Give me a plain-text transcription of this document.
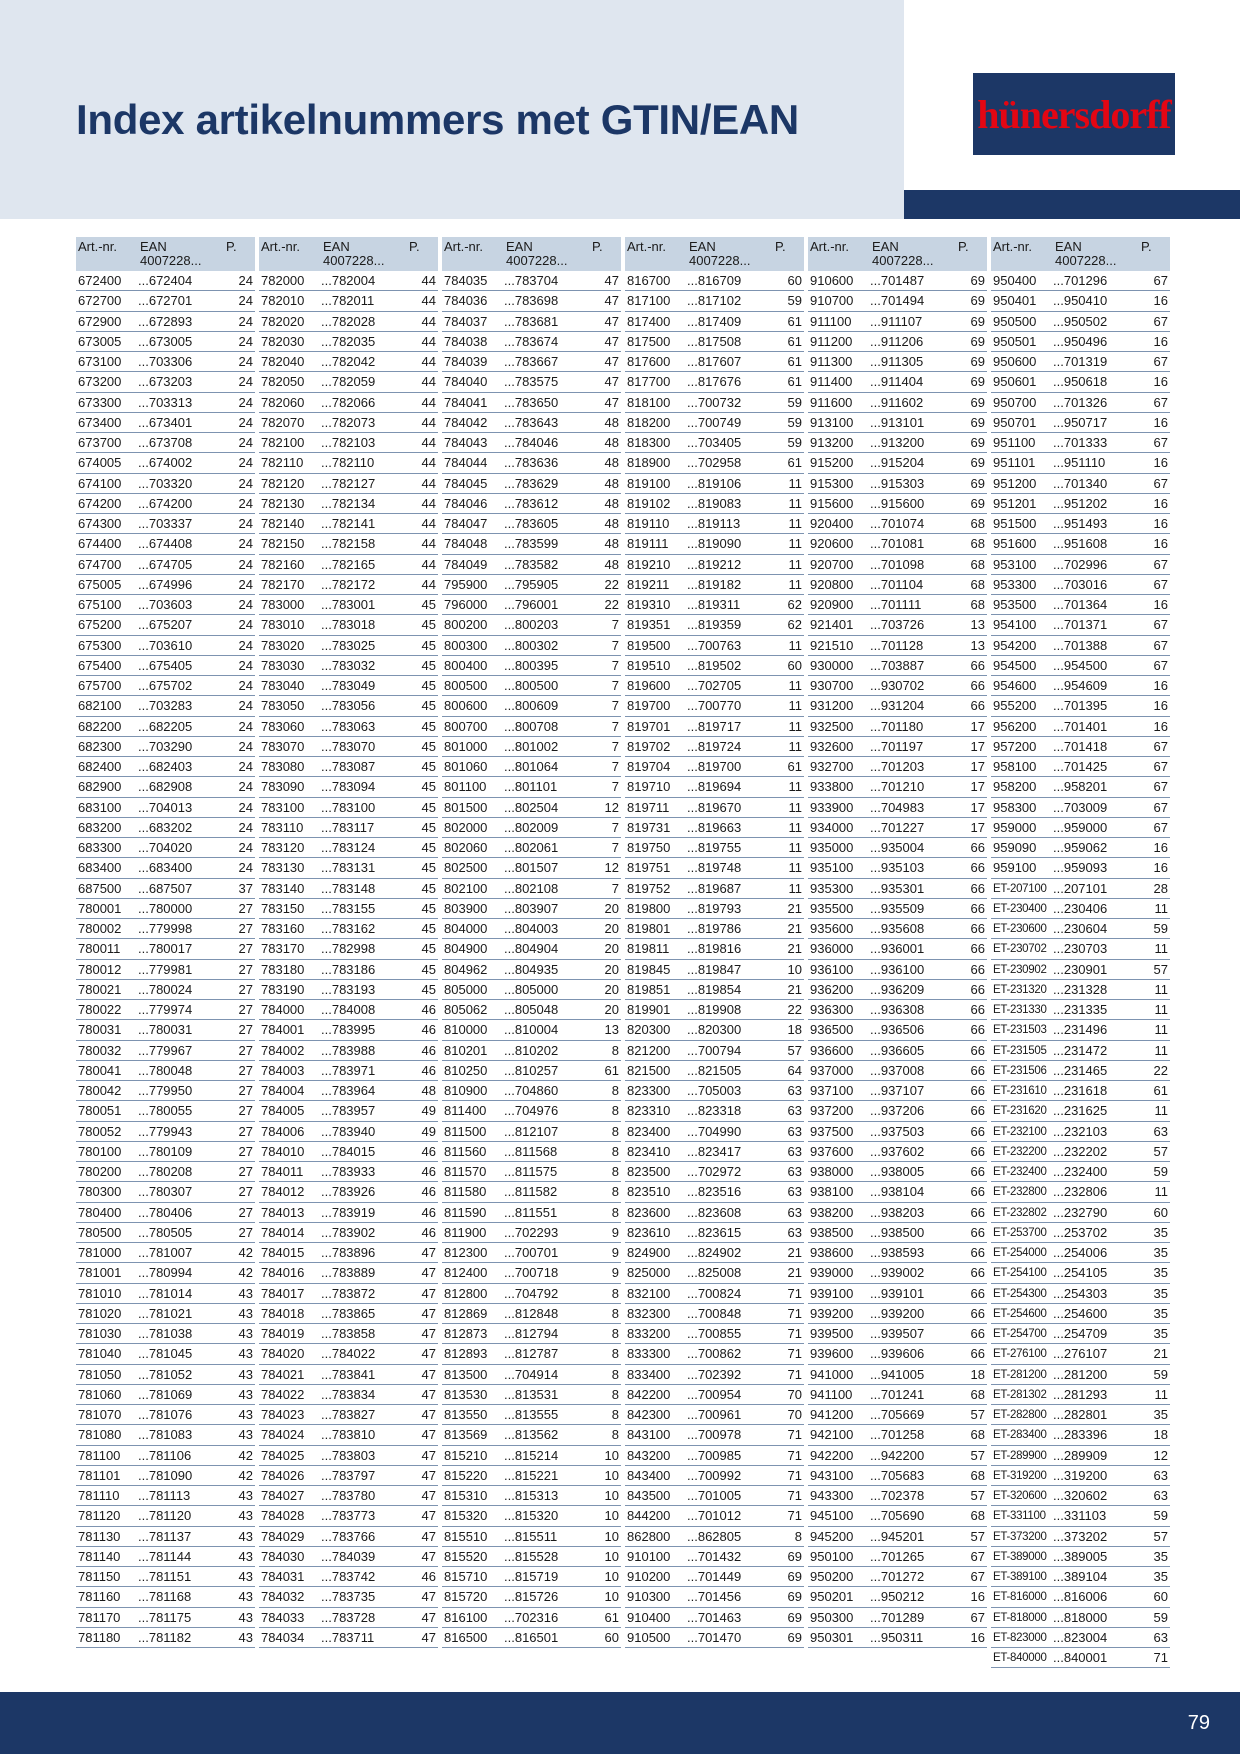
Index artikelnummers met GTIN/EAN	hünersdorff
Art.-nr.	EAN
4007228...
P.
672400	...672404	24
672700	...672701	24
672900	...672893	24
673005	...673005	24
673100	...703306	24
673200	...673203	24
673300	...703313	24
673400	...673401	24
673700	...673708	24
674005	...674002	24
674100	...703320	24
674200	...674200	24
674300	...703337	24
674400	...674408	24
674700	...674705	24
675005	...674996	24
675100	...703603	24
675200	...675207	24
675300	...703610	24
675400	...675405	24
675700	...675702	24
682100	...703283	24
682200	...682205	24
682300	...703290	24
682400	...682403	24
682900	...682908	24
683100	...704013	24
683200	...683202	24
683300	...704020	24
683400	...683400	24
687500	...687507	37
780001	...780000	27
780002	...779998	27
780011	...780017	27
780012	...779981	27
780021	...780024	27
780022	...779974	27
780031	...780031	27
780032	...779967	27
780041	...780048	27
780042	...779950	27
780051	...780055	27
780052	...779943	27
780100	...780109	27
780200	...780208	27
780300	...780307	27
780400	...780406	27
780500	...780505	27
781000	...781007	42
781001	...780994	42
781010	...781014	43
781020	...781021	43
781030	...781038	43
781040	...781045	43
781050	...781052	43
781060	...781069	43
781070	...781076	43
781080	...781083	43
781100	...781106	42
781101	...781090	42
781110	...781113	43
781120	...781120	43
781130	...781137	43
781140	...781144	43
781150	...781151	43
781160	...781168	43
781170	...781175	43
781180	...781182	43
Art.-nr.	EAN
4007228...
P.
782000	...782004	44
782010	...782011	44
782020	...782028	44
782030	...782035	44
782040	...782042	44
782050	...782059	44
782060	...782066	44
782070	...782073	44
782100	...782103	44
782110	...782110	44
782120	...782127	44
782130	...782134	44
782140	...782141	44
782150	...782158	44
782160	...782165	44
782170	...782172	44
783000	...783001	45
783010	...783018	45
783020	...783025	45
783030	...783032	45
783040	...783049	45
783050	...783056	45
783060	...783063	45
783070	...783070	45
783080	...783087	45
783090	...783094	45
783100	...783100	45
783110	...783117	45
783120	...783124	45
783130	...783131	45
783140	...783148	45
783150	...783155	45
783160	...783162	45
783170	...782998	45
783180	...783186	45
783190	...783193	45
784000	...784008	46
784001	...783995	46
784002	...783988	46
784003	...783971	46
784004	...783964	48
784005	...783957	49
784006	...783940	49
784010	...784015	46
784011	...783933	46
784012	...783926	46
784013	...783919	46
784014	...783902	46
784015	...783896	47
784016	...783889	47
784017	...783872	47
784018	...783865	47
784019	...783858	47
784020	...784022	47
784021	...783841	47
784022	...783834	47
784023	...783827	47
784024	...783810	47
784025	...783803	47
784026	...783797	47
784027	...783780	47
784028	...783773	47
784029	...783766	47
784030	...784039	47
784031	...783742	46
784032	...783735	47
784033	...783728	47
784034	...783711	47
Art.-nr.	EAN
4007228...
P.
784035	...783704	47
784036	...783698	47
784037	...783681	47
784038	...783674	47
784039	...783667	47
784040	...783575	47
784041	...783650	47
784042	...783643	48
784043	...784046	48
784044	...783636	48
784045	...783629	48
784046	...783612	48
784047	...783605	48
784048	...783599	48
784049	...783582	48
795900	...795905	22
796000	...796001	22
800200	...800203	7
800300	...800302	7
800400	...800395	7
800500	...800500	7
800600	...800609	7
800700	...800708	7
801000	...801002	7
801060	...801064	7
801100	...801101	7
801500	...802504	12
802000	...802009	7
802060	...802061	7
802500	...801507	12
802100	...802108	7
803900	...803907	20
804000	...804003	20
804900	...804904	20
804962	...804935	20
805000	...805000	20
805062	...805048	20
810000	...810004	13
810201	...810202	8
810250	...810257	61
810900	...704860	8
811400	...704976	8
811500	...812107	8
811560	...811568	8
811570	...811575	8
811580	...811582	8
811590	...811551	8
811900	...702293	9
812300	...700701	9
812400	...700718	9
812800	...704792	8
812869	...812848	8
812873	...812794	8
812893	...812787	8
813500	...704914	8
813530	...813531	8
813550	...813555	8
813569	...813562	8
815210	...815214	10
815220	...815221	10
815310	...815313	10
815320	...815320	10
815510	...815511	10
815520	...815528	10
815710	...815719	10
815720	...815726	10
816100	...702316	61
816500	...816501	60
Art.-nr.	EAN
4007228...
P.
816700	...816709	60
817100	...817102	59
817400	...817409	61
817500	...817508	61
817600	...817607	61
817700	...817676	61
818100	...700732	59
818200	...700749	59
818300	...703405	59
818900	...702958	61
819100	...819106	11
819102	...819083	11
819110	...819113	11
819111	...819090	11
819210	...819212	11
819211	...819182	11
819310	...819311	62
819351	...819359	62
819500	...700763	11
819510	...819502	60
819600	...702705	11
819700	...700770	11
819701	...819717	11
819702	...819724	11
819704	...819700	61
819710	...819694	11
819711	...819670	11
819731	...819663	11
819750	...819755	11
819751	...819748	11
819752	...819687	11
819800	...819793	21
819801	...819786	21
819811	...819816	21
819845	...819847	10
819851	...819854	21
819901	...819908	22
820300	...820300	18
821200	...700794	57
821500	...821505	64
823300	...705003	63
823310	...823318	63
823400	...704990	63
823410	...823417	63
823500	...702972	63
823510	...823516	63
823600	...823608	63
823610	...823615	63
824900	...824902	21
825000	...825008	21
832100	...700824	71
832300	...700848	71
833200	...700855	71
833300	...700862	71
833400	...702392	71
842200	...700954	70
842300	...700961	70
843100	...700978	71
843200	...700985	71
843400	...700992	71
843500	...701005	71
844200	...701012	71
862800	...862805	8
910100	...701432	69
910200	...701449	69
910300	...701456	69
910400	...701463	69
910500	...701470	69
Art.-nr.	EAN
4007228...
P.
910600	...701487	69
910700	...701494	69
911100	...911107	69
911200	...911206	69
911300	...911305	69
911400	...911404	69
911600	...911602	69
913100	...913101	69
913200	...913200	69
915200	...915204	69
915300	...915303	69
915600	...915600	69
920400	...701074	68
920600	...701081	68
920700	...701098	68
920800	...701104	68
920900	...701111	68
921401	...703726	13
921510	...701128	13
930000	...703887	66
930700	...930702	66
931200	...931204	66
932500	...701180	17
932600	...701197	17
932700	...701203	17
933800	...701210	17
933900	...704983	17
934000	...701227	17
935000	...935004	66
935100	...935103	66
935300	...935301	66
935500	...935509	66
935600	...935608	66
936000	...936001	66
936100	...936100	66
936200	...936209	66
936300	...936308	66
936500	...936506	66
936600	...936605	66
937000	...937008	66
937100	...937107	66
937200	...937206	66
937500	...937503	66
937600	...937602	66
938000	...938005	66
938100	...938104	66
938200	...938203	66
938500	...938500	66
938600	...938593	66
939000	...939002	66
939100	...939101	66
939200	...939200	66
939500	...939507	66
939600	...939606	66
941000	...941005	18
941100	...701241	68
941200	...705669	57
942100	...701258	68
942200	...942200	57
943100	...705683	68
943300	...702378	57
945100	...705690	68
945200	...945201	57
950100	...701265	67
950200	...701272	67
950201	...950212	16
950300	...701289	67
950301	...950311	16
Art.-nr.	EAN
4007228...
P.
950400	...701296	67
950401	...950410	16
950500	...950502	67
950501	...950496	16
950600	...701319	67
950601	...950618	16
950700	...701326	67
950701	...950717	16
951100	...701333	67
951101	...951110	16
951200	...701340	67
951201	...951202	16
951500	...951493	16
951600	...951608	16
953100	...702996	67
953300	...703016	67
953500	...701364	16
954100	...701371	67
954200	...701388	67
954500	...954500	67
954600	...954609	16
955200	...701395	16
956200	...701401	16
957200	...701418	67
958100	...701425	67
958200	...958201	67
958300	...703009	67
959000	...959000	67
959090	...959062	16
959100	...959093	16
ET-207100 ...207101	28
ET-230400 ...230406	11
ET-230600 ...230604	59
ET-230702 ...230703	11
ET-230902 ...230901	57
ET-231320 ...231328	11
ET-231330 ...231335	11
ET-231503 ...231496	11
ET-231505 ...231472	11
ET-231506 ...231465	22
ET-231610 ...231618	61
ET-231620 ...231625	11
ET-232100 ...232103	63
ET-232200 ...232202	57
ET-232400 ...232400	59
ET-232800 ...232806	11
ET-232802 ...232790	60
ET-253700 ...253702	35
ET-254000 ...254006	35
ET-254100 ...254105	35
ET-254300 ...254303	35
ET-254600 ...254600	35
ET-254700 ...254709	35
ET-276100 ...276107	21
ET-281200 ...281200	59
ET-281302 ...281293	11
ET-282800 ...282801	35
ET-283400 ...283396	18
ET-289900 ...289909	12
ET-319200 ...319200	63
ET-320600 ...320602	63
ET-331100 ...331103	59
ET-373200 ...373202	57
ET-389000 ...389005	35
ET-389100 ...389104	35
ET-816000 ...816006	60
ET-818000 ...818000	59
ET-823000 ...823004	63
ET-840000 ...840001	71
79
